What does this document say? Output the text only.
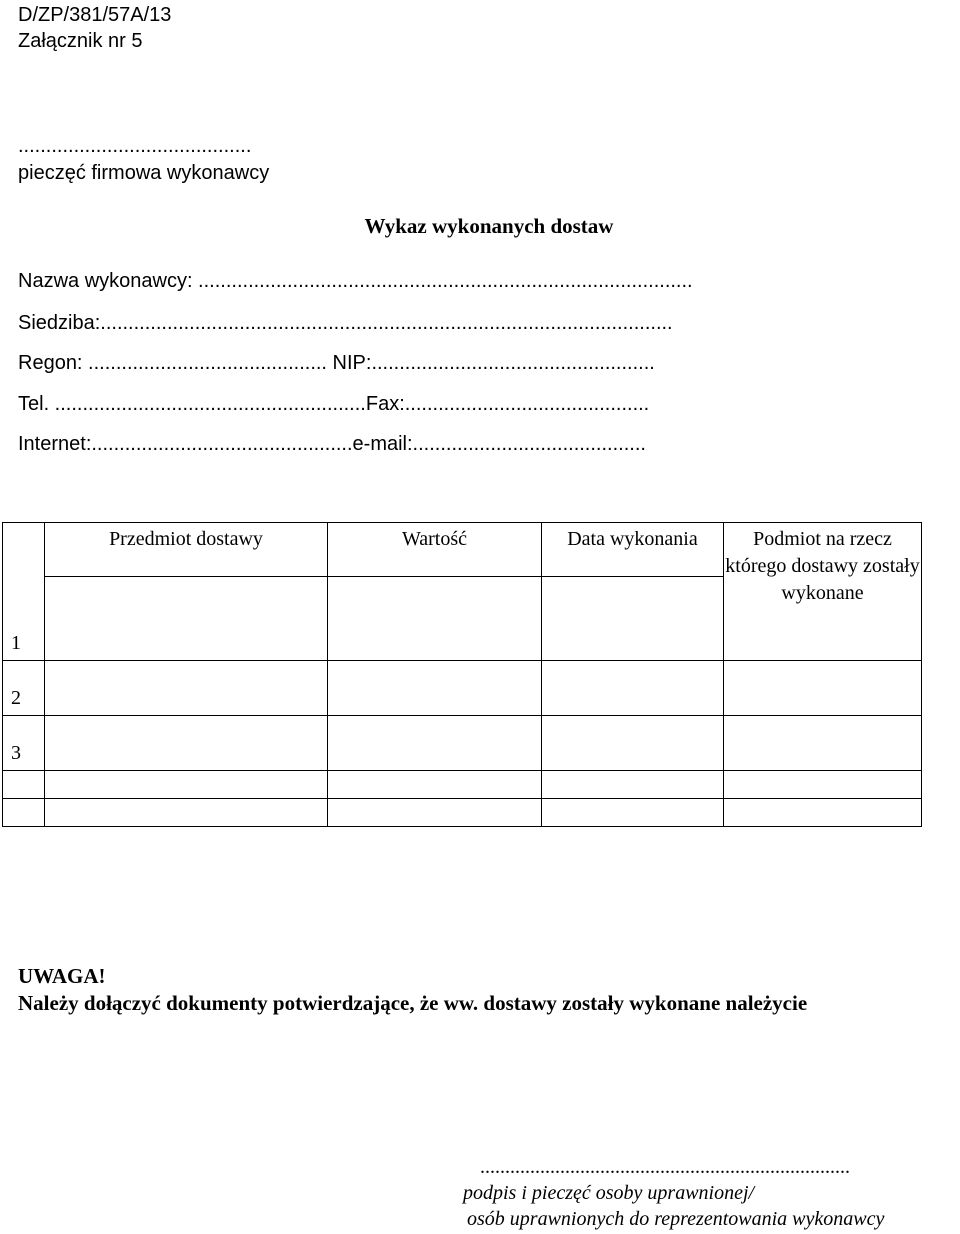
D/ZP/381/57A/13
Załącznik nr 5
..........................................
pieczęć firmowa wykonawcy
Wykaz wykonanych dostaw
Nazwa wykonawcy: .........................................................................................
Siedziba:.......................................................................................................
Regon: ........................................... NIP:...................................................
Tel. ........................................................Fax:............................................
Internet:...............................................e-mail:..........................................
	Przedmiot dostawy	Wartość	Data wykonania	Podmiot na rzecz którego dostawy zostały wykonane
1				
2				
3				

UWAGA!
Należy dołączyć dokumenty potwierdzające, że ww. dostawy zostały wykonane należycie
..........................................................................
podpis i pieczęć osoby uprawnionej/
osób uprawnionych do reprezentowania wykonawcy
